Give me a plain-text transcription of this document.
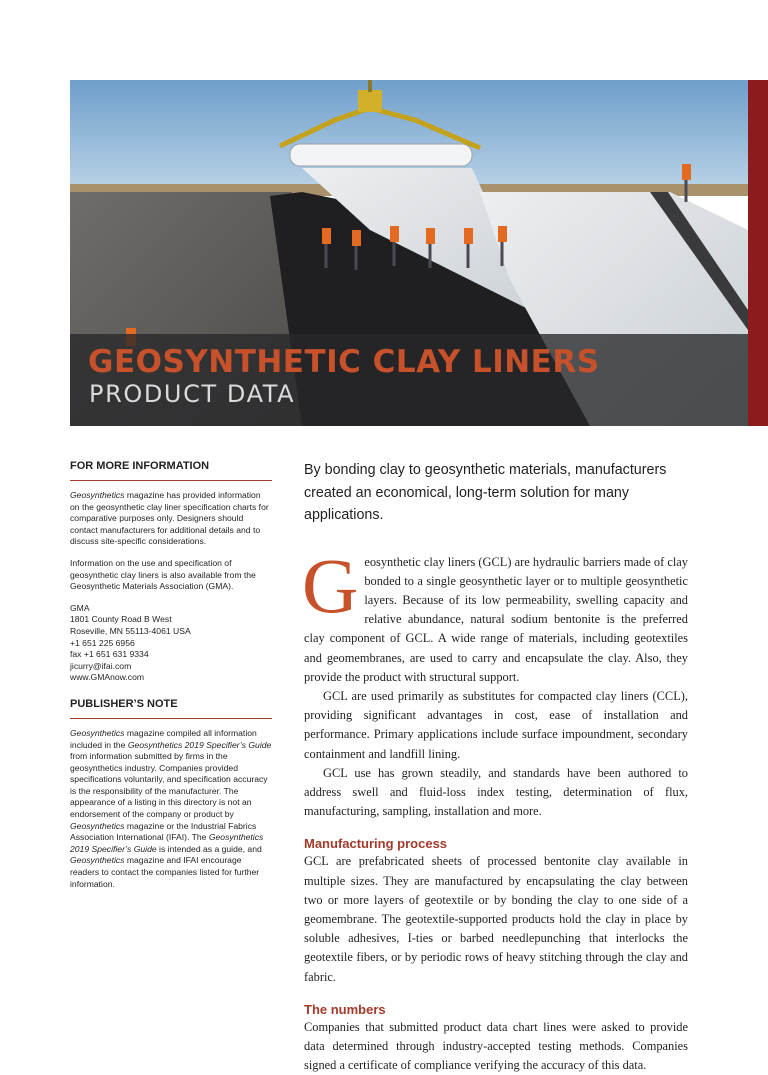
GEOSYNTHETIC CLAY LINERS
PRODUCT DATA
FOR MORE INFORMATION

Geosynthetics magazine has provided information on the geosynthetic clay liner specification charts for comparative purposes only. Designers should contact manufacturers for additional details and to discuss site-specific considerations.

Information on the use and specification of geosynthetic clay liners is also available from the Geosynthetic Materials Association (GMA).

GMA
1801 County Road B West
Roseville, MN 55113-4061 USA
+1 651 225 6956
fax +1 651 631 9334
jicurry@ifai.com
www.GMAnow.com
PUBLISHER’S NOTE

Geosynthetics magazine compiled all information included in the Geosynthetics 2019 Specifier’s Guide from information submitted by firms in the geosynthetics industry. Companies provided specifications voluntarily, and specification accuracy is the responsibility of the manufacturer. The appearance of a listing in this directory is not an endorsement of the company or product by Geosynthetics magazine or the Industrial Fabrics Association International (IFAI). The Geosynthetics 2019 Specifier’s Guide is intended as a guide, and Geosynthetics magazine and IFAI encourage readers to contact the companies listed for further information.

By bonding clay to geosynthetic materials, manufacturers created an economical, long-term solution for many applications.

Geosynthetic clay liners (GCL) are hydraulic barriers made of clay bonded to a single geosynthetic layer or to multiple geosynthetic layers. Because of its low permeability, swelling capacity and relative abundance, natural sodium bentonite is the preferred clay component of GCL. A wide range of materials, including geotextiles and geomembranes, are used to carry and encapsulate the clay. Also, they provide the product with structural support.

GCL are used primarily as substitutes for compacted clay liners (CCL), providing significant advantages in cost, ease of installation and performance. Primary applications include surface impoundment, secondary containment and landfill lining.

GCL use has grown steadily, and standards have been authored to address swell and fluid-loss index testing, determination of flux, manufacturing, sampling, installation and more.

Manufacturing process

GCL are prefabricated sheets of processed bentonite clay available in multiple sizes. They are manufactured by encapsulating the clay between two or more layers of geotextile or by bonding the clay to one side of a geomembrane. The geotextile-supported products hold the clay in place by soluble adhesives, I-ties or barbed needlepunching that interlocks the geotextile fibers, or by periodic rows of heavy stitching through the clay and fabric.

The numbers

Companies that submitted product data chart lines were asked to provide data determined through industry-accepted testing methods. Companies signed a certificate of compliance verifying the accuracy of this data.
